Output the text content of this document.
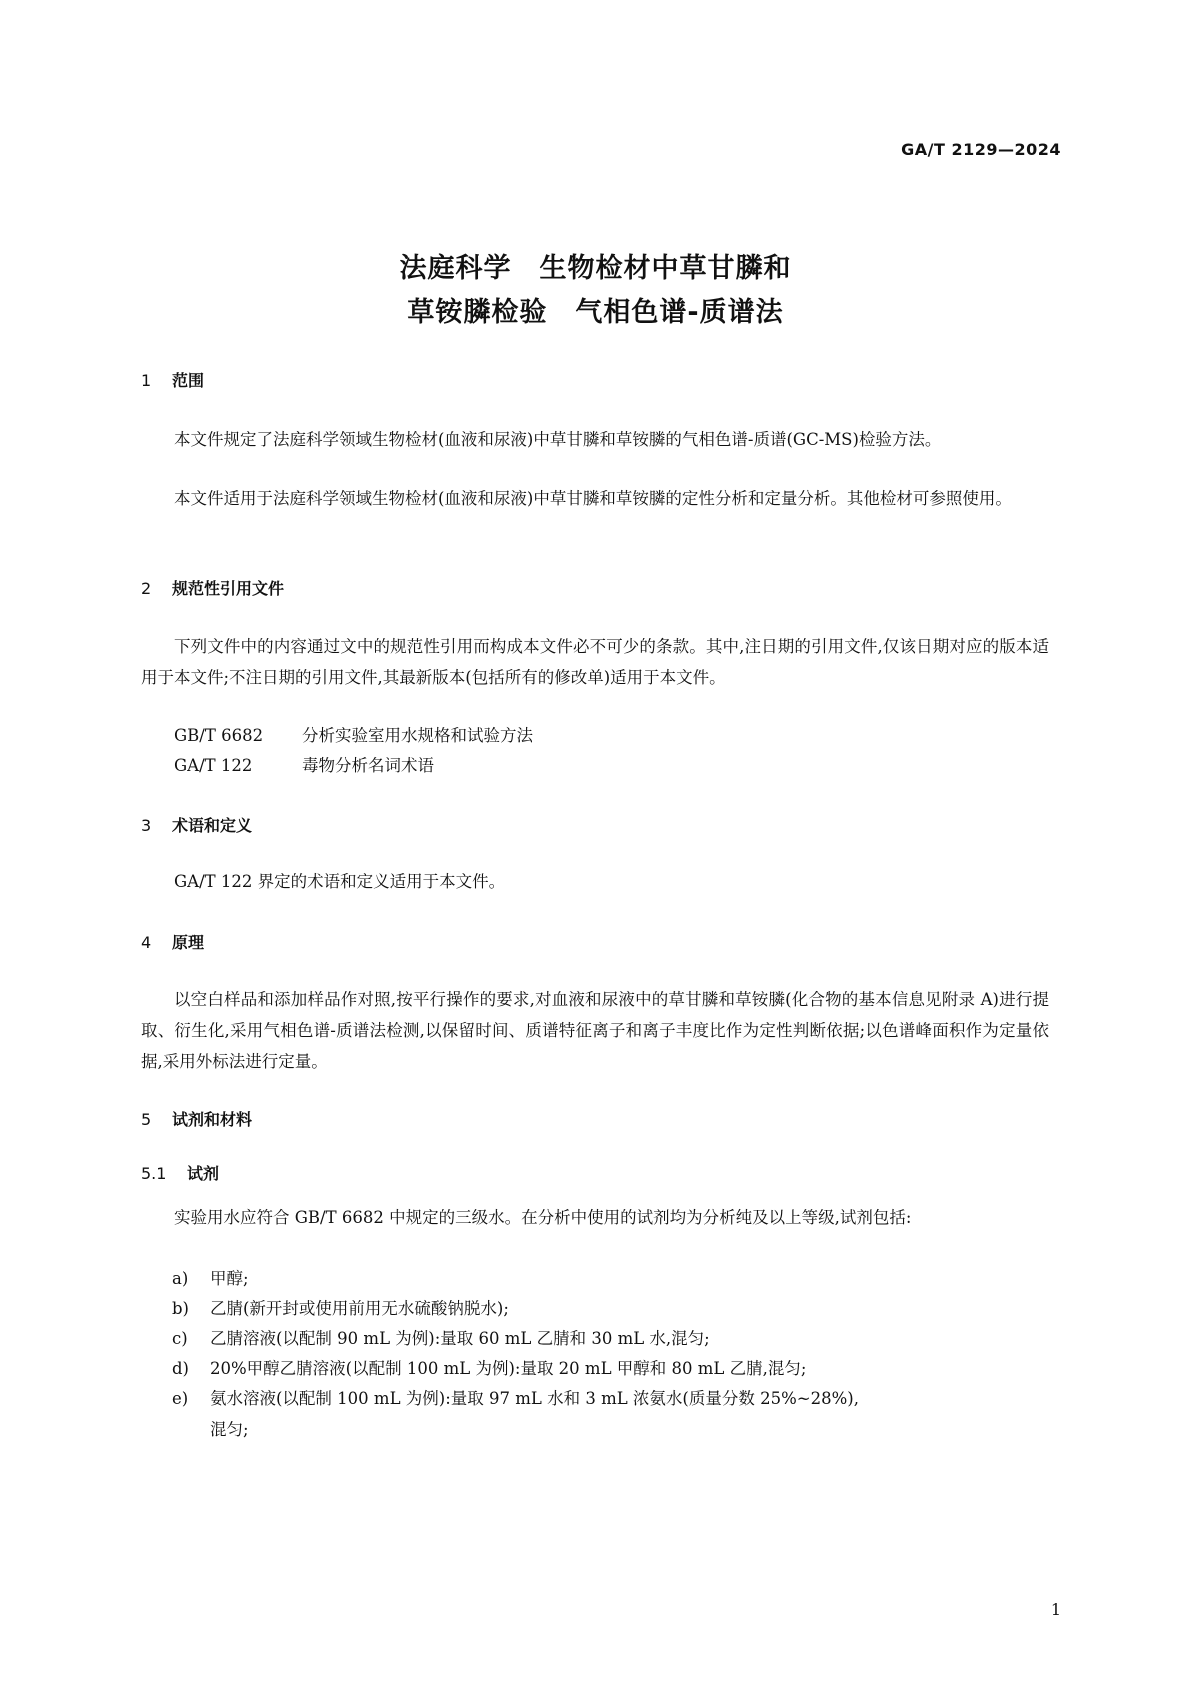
GA/T 2129—2024
法庭科学　生物检材中草甘膦和
草铵膦检验　气相色谱-质谱法
1 范围

本文件规定了法庭科学领域生物检材(血液和尿液)中草甘膦和草铵膦的气相色谱-质谱(GC-MS)检验方法。

本文件适用于法庭科学领域生物检材(血液和尿液)中草甘膦和草铵膦的定性分析和定量分析。其他检材可参照使用。

2 规范性引用文件

下列文件中的内容通过文中的规范性引用而构成本文件必不可少的条款。其中,注日期的引用文件,仅该日期对应的版本适用于本文件;不注日期的引用文件,其最新版本(包括所有的修改单)适用于本文件。

GB/T 6682 分析实验室用水规格和试验方法
GA/T 122	毒物分析名词术语
3 术语和定义

GA/T 122 界定的术语和定义适用于本文件。

4 原理

以空白样品和添加样品作对照,按平行操作的要求,对血液和尿液中的草甘膦和草铵膦(化合物的基本信息见附录 A)进行提取、衍生化,采用气相色谱-质谱法检测,以保留时间、质谱特征离子和离子丰度比作为定性判断依据;以色谱峰面积作为定量依据,采用外标法进行定量。

5 试剂和材料
5.1 试剂

实验用水应符合 GB/T 6682 中规定的三级水。在分析中使用的试剂均为分析纯及以上等级,试剂包括:

a) 甲醇;
b) 乙腈(新开封或使用前用无水硫酸钠脱水);
c) 乙腈溶液(以配制 90 mL 为例):量取 60 mL 乙腈和 30 mL 水,混匀;
d) 20%甲醇乙腈溶液(以配制 100 mL 为例):量取 20 mL 甲醇和 80 mL 乙腈,混匀;
e) 氨水溶液(以配制 100 mL 为例):量取 97 mL 水和 3 mL 浓氨水(质量分数 25%~28%),
混匀;
1
